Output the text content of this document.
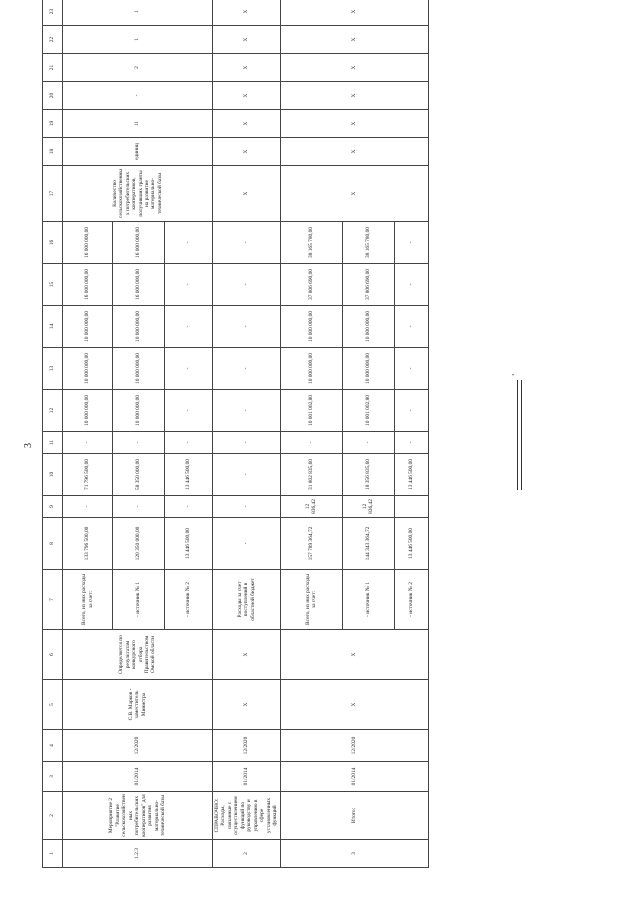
3
1	2	3	4	5	6	7	8	9	10	11	12	13	14	15	16	17	18	19	20	21	22	23			
1.2.3	Мероприятие 2 "Развитие сельскохозяйственных потребительских кооперативов" для развития материально-технической базы	01/2014	12/2020	С.В. Марков - заместитель Министра	Определяется по результатам конкурсного отбора Правительством Омской области	Всего, из них расходы за счет:	133 796 500,00	-	71 796 500,00	-	10 000 000,00	10 000 000,00	10 000 000,00	16 000 000,00	16 000 000,00	Количество сельскохозяйственных потребительских кооперативов, получивших гранты на развитие материально-технической базы	единиц	11	-	2	1	1			
						- источник № 1	120 350 000,00	-	58 350 000,00	-	10 000 000,00	10 000 000,00	10 000 000,00	16 000 000,00	16 000 000,00										
						- источник № 2	13 446 500,00	-	13 446 500,00	-	-	-	-	-	-										
2	СПРАВОЧНО: Расходы, связанные с осуществлением функций по руководству и управлению в сфере установленных функций	01/2014	12/2020	X	X	Расходы за счет поступлений в областной бюджет	-	-	-	-	-	-	-	-	-	X	X	X	X	X	X	X			
3	Итого:	01/2014	12/2020	X	X	Всего, из них расходы за счет:	157 789 364,72	12 836,42	31 802 835,60	-	10 001 002,80	10 000 000,00	10 000 000,00	37 806 690,00	38 165 780,00	X	X	X	X	X	X	X			
						- источник № 1	144 343 364,72	12 836,42	18 356 835,60	-	10 001 002,80	10 000 000,00	10 000 000,00	37 806 690,00	38 165 780,00										
						- источник № 2	13 446 500,00		13 446 500,00	-	-	-	-	-	-										
"
